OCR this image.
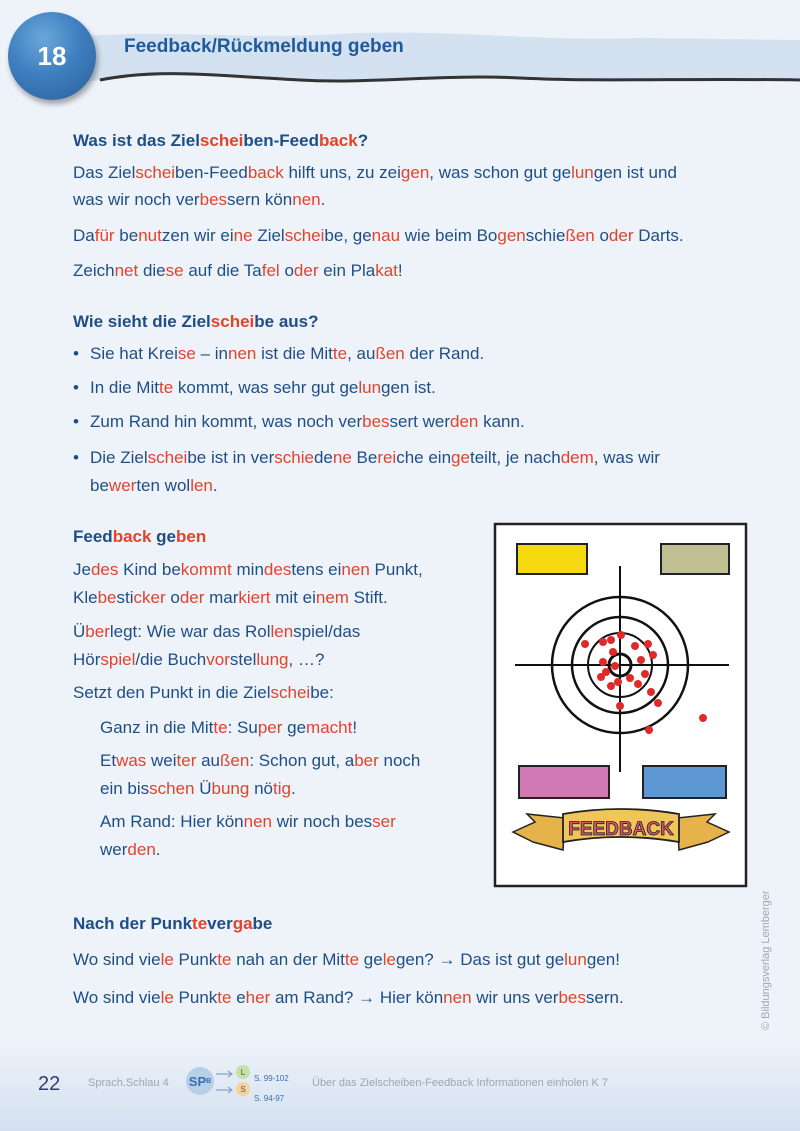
18	Feedback/Rückmeldung geben
Was ist das Zielscheiben-Feedback?
Das Zielscheiben-Feedback hilft uns, zu zeigen, was schon gut gelungen ist und
was wir noch verbessern können.
Dafür benutzen wir eine Zielscheibe, genau wie beim Bogenschießen oder Darts.
Zeichnet diese auf die Tafel oder ein Plakat!
Wie sieht die Zielscheibe aus?
• Sie hat Kreise – innen ist die Mitte, außen der Rand.
• In die Mitte kommt, was sehr gut gelungen ist.
• Zum Rand hin kommt, was noch verbessert werden kann.
• Die Zielscheibe ist in verschiedene Bereiche eingeteilt, je nachdem, was wir
bewerten wollen.
Feedback geben
Jedes Kind bekommt mindestens einen Punkt,
Klebesticker oder markiert mit einem Stift.
Überlegt: Wie war das Rollenspiel/das
Hörspiel/die Buchvorstellung, …?
Setzt den Punkt in die Zielscheibe:
Ganz in die Mitte: Super gemacht!
Etwas weiter außen: Schon gut, aber noch
ein bisschen Übung nötig.
Am Rand: Hier können wir noch besser
werden.
FEEDBACK
Nach der Punktevergabe
Wo sind viele Punkte nah an der Mitte gelegen? → Das ist gut gelungen!
Wo sind viele Punkte eher am Rand? → Hier können wir uns verbessern.	© Bildungsverlag Lemberger
22	Sprach.Schlau 4 SP B
L
S. 99-102
S
S. 94-97
Über das Zielscheiben-Feedback Informationen einholen K 7
